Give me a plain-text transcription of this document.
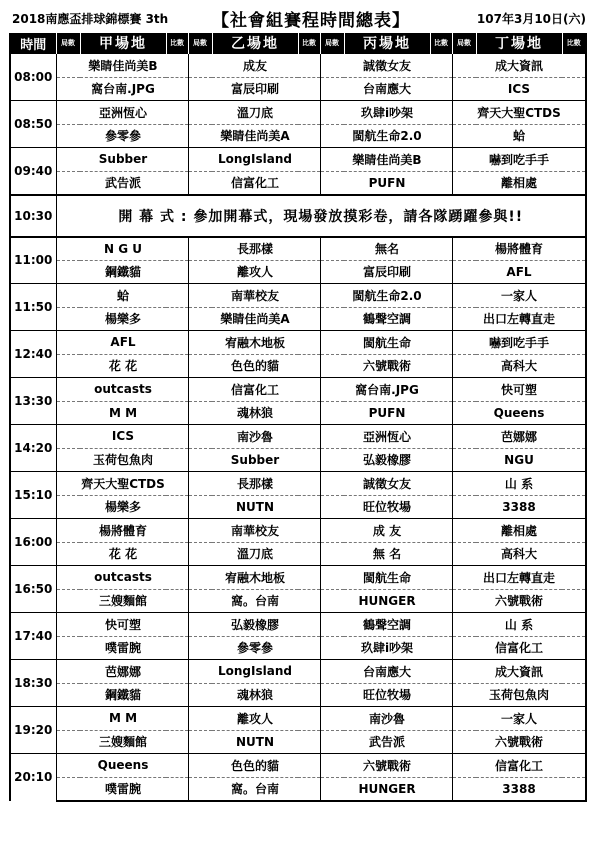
2018南應盃排球錦標賽 3th	【社會組賽程時間總表】	107年3月10日(六)
時間	局數	甲場地	比數	局數	乙場地	比數	局數	丙場地	比數	局數	丁場地	比數
08:00		樂睛佳尚美B			成友			誠徵女友			成大資訊	
		窩台南.JPG			富辰印刷			台南應大			ICS	
08:50		亞洲恆心			溫刀底			玖肆i吵架			齊天大聖CTDS	
		參零參			樂睛佳尚美A			閩航生命2.0			蛤	
09:40		Subber			LongIsland			樂睛佳尚美B			嚇到吃手手	
		武告派			信富化工			PUFN			離相處	
10:30	開 幕 式 : 參加開幕式，現場發放摸彩卷，請各隊踴躍參與!!											
11:00		N G U			長那樣			無名			楊將體育	
		鋼鐵貓			離攻人			富辰印刷			AFL	
11:50		蛤			南華校友			閩航生命2.0			一家人	
		楊樂多			樂睛佳尚美A			鶴聲空調			出口左轉直走	
12:40		AFL			宥融木地板			閩航生命			嚇到吃手手	
		花 花			色色的貓			六號戰術			高科大	
13:30		outcasts			信富化工			窩台南.JPG			快可塑	
		M M			魂林狼			PUFN			Queens	
14:20		ICS			南沙魯			亞洲恆心			芭娜娜	
		玉荷包魚肉			Subber			弘毅橡膠			NGU	
15:10		齊天大聖CTDS			長那樣			誠徵女友			山 系	
		楊樂多			NUTN			旺位牧場			3388	
16:00		楊將體育			南華校友			成 友			離相處	
		花 花			溫刀底			無 名			高科大	
16:50		outcasts			宥融木地板			閩航生命			出口左轉直走	
		三嫂麵館			窩。台南			HUNGER			六號戰術	
17:40		快可塑			弘毅橡膠			鶴聲空調			山 系	
		噗雷腕			參零參			玖肆i吵架			信富化工	
18:30		芭娜娜			LongIsland			台南應大			成大資訊	
		鋼鐵貓			魂林狼			旺位牧場			玉荷包魚肉	
19:20		M M			離攻人			南沙魯			一家人	
		三嫂麵館			NUTN			武告派			六號戰術	
20:10		Queens			色色的貓			六號戰術			信富化工	
		噗雷腕			窩。台南			HUNGER			3388	
